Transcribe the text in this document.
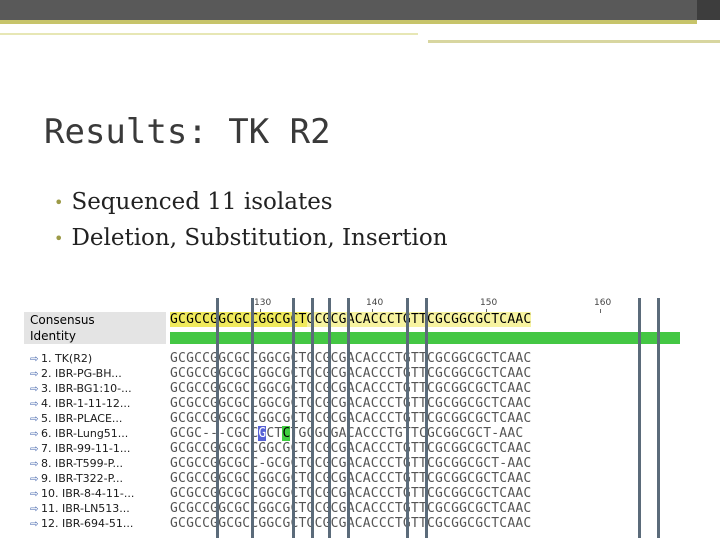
Results: TK R2
• Sequenced 11 isolates
• Deletion, Substitution, Insertion
130	140	150	160
Consensus	GCGCCGGCGCCGGCGCTGCGCGACACCCTGTTCGCGGCGCTCAAC
Identity
⇨ 1. TK(R2)	GCGCCGGCGCCGGCGCTGCGCGACACCCTGTTCGCGGCGCTCAAC
⇨ 2. IBR-PG-BH...	GCGCCGGCGCCGGCGCTGCGCGACACCCTGTTCGCGGCGCTCAAC
⇨ 3. IBR-BG1:10-...	GCGCCGGCGCCGGCGCTGCGCGACACCCTGTTCGCGGCGCTCAAC
⇨ 4. IBR-1-11-12...	GCGCCGGCGCCGGCGCTGCGCGACACCCTGTTCGCGGCGCTCAAC
⇨ 5. IBR-PLACE...	GCGCCGGCGCCGGCGCTGCGCGACACCCTGTTCGCGGCGCTCAAC
⇨ 6. IBR-Lung51...	GCGC---CGCCGCTCTGCGCGACACCCTGTTCGCGGCGCT-AAC
⇨ 7. IBR-99-11-1...	GCGCCGGCGCCGGCGCTGCGCGACACCCTGTTCGCGGCGCTCAAC
⇨ 8. IBR-T599-P...	GCGCCGGCGCC-GCGCTGCGCGACACCCTGTTCGCGGCGCT-AAC
⇨ 9. IBR-T322-P...	GCGCCGGCGCCGGCGCTGCGCGACACCCTGTTCGCGGCGCTCAAC
⇨ 10. IBR-8-4-11-...	GCGCCGGCGCCGGCGCTGCGCGACACCCTGTTCGCGGCGCTCAAC
⇨ 11. IBR-LN513...	GCGCCGGCGCCGGCGCTGCGCGACACCCTGTTCGCGGCGCTCAAC
⇨ 12. IBR-694-51...	GCGCCGGCGCCGGCGCTGCGCGACACCCTGTTCGCGGCGCTCAAC
